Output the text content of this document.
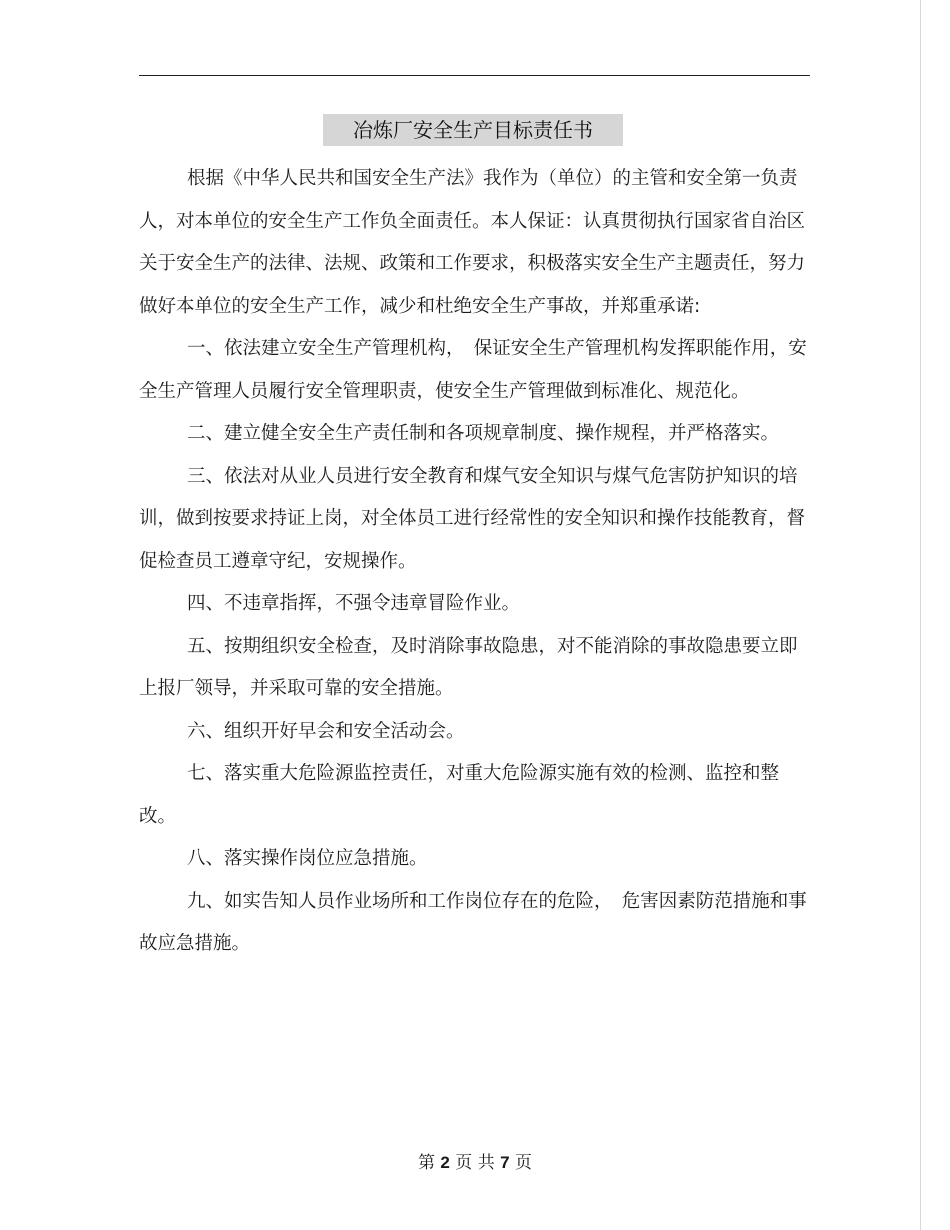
冶炼厂安全生产目标责任书

根据《中华人民共和国安全生产法》我作为（单位）的主管和安全第一负责人，对本单位的安全生产工作负全面责任。本人保证：认真贯彻执行国家省自治区关于安全生产的法律、法规、政策和工作要求，积极落实安全生产主题责任，努力做好本单位的安全生产工作，减少和杜绝安全生产事故，并郑重承诺:

一、依法建立安全生产管理机构，　保证安全生产管理机构发挥职能作用，安全生产管理人员履行安全管理职责，使安全生产管理做到标准化、规范化。

二、建立健全安全生产责任制和各项规章制度、操作规程，并严格落实。

三、依法对从业人员进行安全教育和煤气安全知识与煤气危害防护知识的培训，做到按要求持证上岗，对全体员工进行经常性的安全知识和操作技能教育，督促检查员工遵章守纪，安规操作。

四、不违章指挥，不强令违章冒险作业。

五、按期组织安全检查，及时消除事故隐患，对不能消除的事故隐患要立即上报厂领导，并采取可靠的安全措施。

六、组织开好早会和安全活动会。

七、落实重大危险源监控责任，对重大危险源实施有效的检测、监控和整改。

八、落实操作岗位应急措施。

九、如实告知人员作业场所和工作岗位存在的危险，　危害因素防范措施和事故应急措施。

第 2 页 共 7 页
